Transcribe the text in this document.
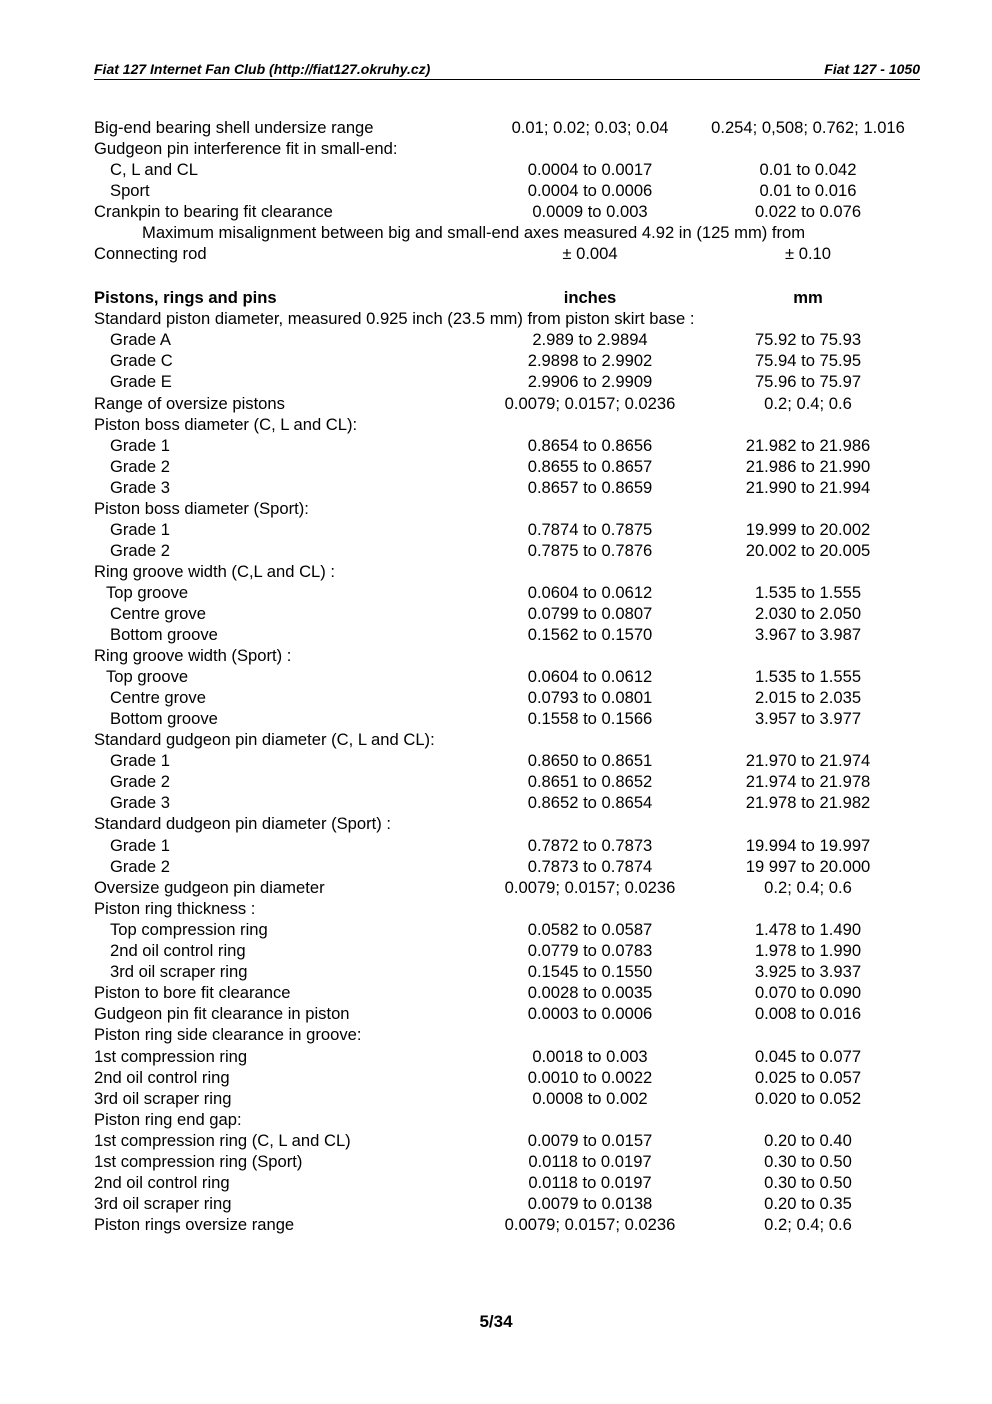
Fiat 127 Internet Fan Club (http://fiat127.okruhy.cz)	Fiat 127 - 1050
Big-end bearing shell undersize range	0.01; 0.02; 0.03; 0.04	0.254; 0,508; 0.762; 1.016
Gudgeon pin interference fit in small-end:
C, L and CL	0.0004 to 0.0017	0.01 to 0.042
Sport	0.0004 to 0.0006	0.01 to 0.016
Crankpin to bearing fit clearance	0.0009 to 0.003	0.022 to 0.076
Maximum misalignment between big and small-end axes measured 4.92 in (125 mm) from
Connecting rod	± 0.004	± 0.10
Pistons, rings and pins	inches	mm
Standard piston diameter, measured 0.925 inch (23.5 mm) from piston skirt base :
Grade A	2.989 to 2.9894	75.92 to 75.93
Grade C	2.9898 to 2.9902	75.94 to 75.95
Grade E	2.9906 to 2.9909	75.96 to 75.97
Range of oversize pistons	0.0079; 0.0157; 0.0236	0.2; 0.4; 0.6
Piston boss diameter (C, L and CL):
Grade 1	0.8654 to 0.8656	21.982 to 21.986
Grade 2	0.8655 to 0.8657	21.986 to 21.990
Grade 3	0.8657 to 0.8659	21.990 to 21.994
Piston boss diameter (Sport):
Grade 1	0.7874 to 0.7875	19.999 to 20.002
Grade 2	0.7875 to 0.7876	20.002 to 20.005
Ring groove width (C,L and CL) :
Top groove	0.0604 to 0.0612	1.535 to 1.555
Centre grove	0.0799 to 0.0807	2.030 to 2.050
Bottom groove	0.1562 to 0.1570	3.967 to 3.987
Ring groove width (Sport) :
Top groove	0.0604 to 0.0612	1.535 to 1.555
Centre grove	0.0793 to 0.0801	2.015 to 2.035
Bottom groove	0.1558 to 0.1566	3.957 to 3.977
Standard gudgeon pin diameter (C, L and CL):
Grade 1	0.8650 to 0.8651	21.970 to 21.974
Grade 2	0.8651 to 0.8652	21.974 to 21.978
Grade 3	0.8652 to 0.8654	21.978 to 21.982
Standard dudgeon pin diameter (Sport) :
Grade 1	0.7872 to 0.7873	19.994 to 19.997
Grade 2	0.7873 to 0.7874	19 997 to 20.000
Oversize gudgeon pin diameter	0.0079; 0.0157; 0.0236	0.2; 0.4; 0.6
Piston ring thickness :
Top compression ring	0.0582 to 0.0587	1.478 to 1.490
2nd oil control ring	0.0779 to 0.0783	1.978 to 1.990
3rd oil scraper ring	0.1545 to 0.1550	3.925 to 3.937
Piston to bore fit clearance	0.0028 to 0.0035	0.070 to 0.090
Gudgeon pin fit clearance in piston	0.0003 to 0.0006	0.008 to 0.016
Piston ring side clearance in groove:
1st compression ring	0.0018 to 0.003	0.045 to 0.077
2nd oil control ring	0.0010 to 0.0022	0.025 to 0.057
3rd oil scraper ring	0.0008 to 0.002	0.020 to 0.052
Piston ring end gap:
1st compression ring (C, L and CL)	0.0079 to 0.0157	0.20 to 0.40
1st compression ring (Sport)	0.0118 to 0.0197	0.30 to 0.50
2nd oil control ring	0.0118 to 0.0197	0.30 to 0.50
3rd oil scraper ring	0.0079 to 0.0138	0.20 to 0.35
Piston rings oversize range	0.0079; 0.0157; 0.0236	0.2; 0.4; 0.6
5/34
